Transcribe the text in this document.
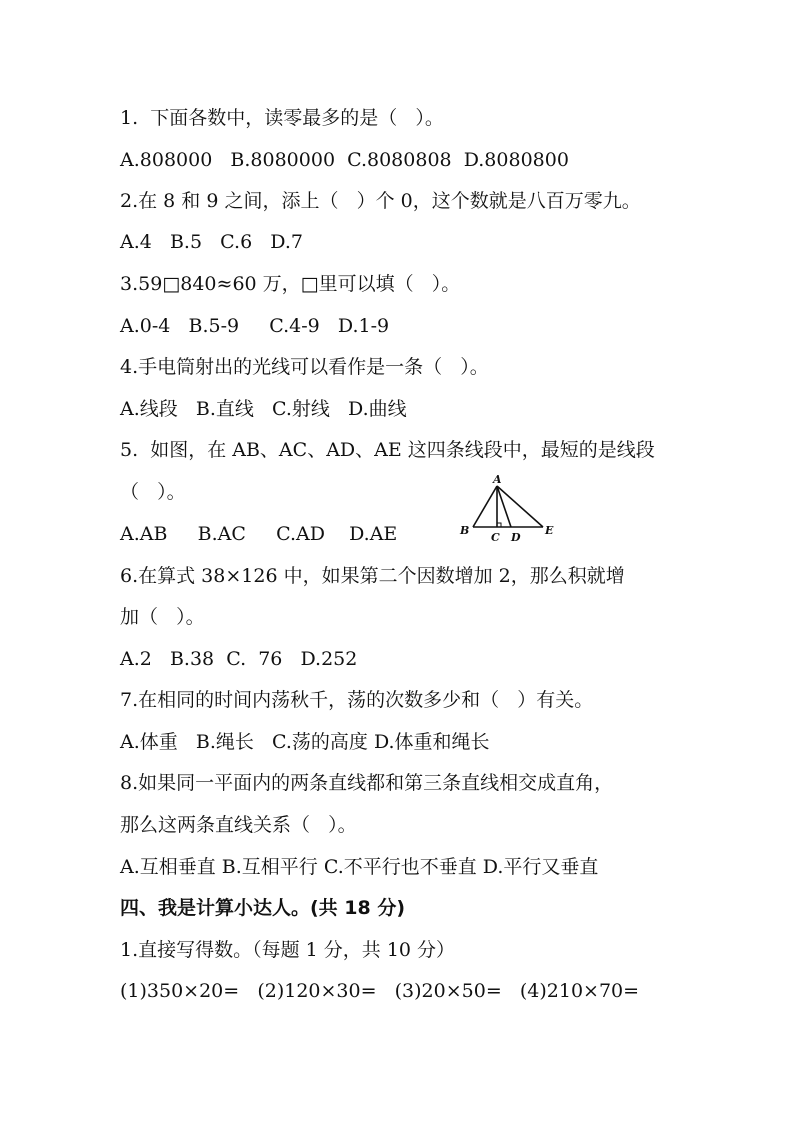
1.  下面各数中，读零最多的是（   ）。
A.808000   B.8080000  C.8080808  D.8080800
2.在 8 和 9 之间，添上（   ）个 0，这个数就是八百万零九。
A.4   B.5   C.6   D.7
3.59□840≈60 万，□里可以填（   ）。
A.0-4   B.5-9     C.4-9   D.1-9
4.手电筒射出的光线可以看作是一条（   ）。
A.线段   B.直线   C.射线   D.曲线
5.  如图，在 AB、AC、AD、AE 这四条线段中，最短的是线段
（   ）。
A.AB     B.AC     C.AD    D.AE
A
B
C D
E
6.在算式 38×126 中，如果第二个因数增加 2，那么积就增
加（   ）。
A.2   B.38  C.  76   D.252
7.在相同的时间内荡秋千，荡的次数多少和（   ）有关。
A.体重   B.绳长   C.荡的高度 D.体重和绳长
8.如果同一平面内的两条直线都和第三条直线相交成直角，
那么这两条直线关系（   ）。
A.互相垂直 B.互相平行 C.不平行也不垂直 D.平行又垂直
四、我是计算小达人。(共 18 分)
1.直接写得数。（每题 1 分，共 10 分）
(1)350×20=   (2)120×30=   (3)20×50=   (4)210×70=
